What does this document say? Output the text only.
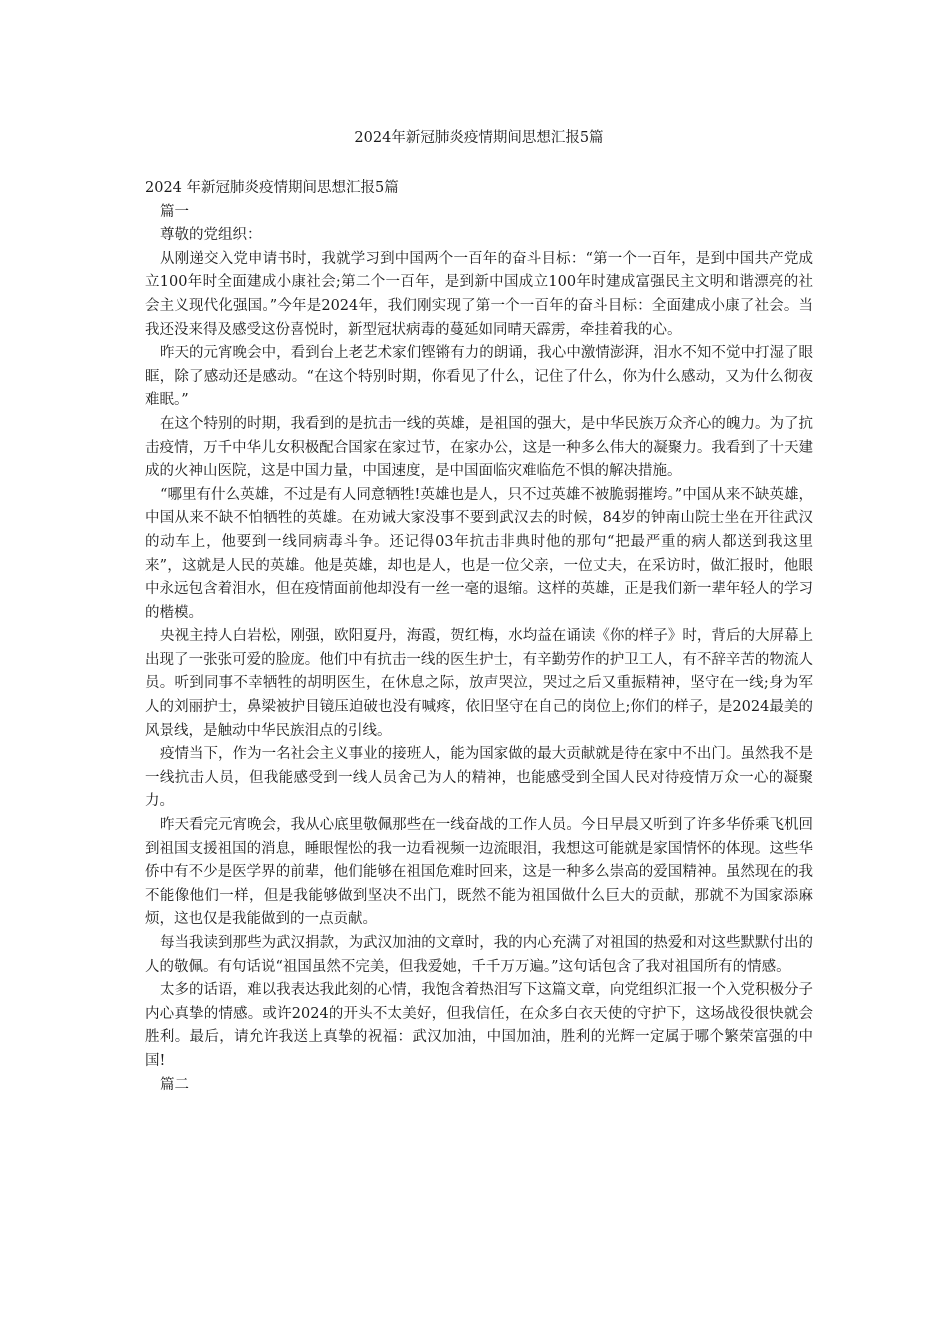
2024年新冠肺炎疫情期间思想汇报5篇

2024 年新冠肺炎疫情期间思想汇报5篇

篇一

尊敬的党组织：

从刚递交入党申请书时，我就学习到中国两个一百年的奋斗目标：“第一个一百年，是到中国共产党成立100年时全面建成小康社会;第二个一百年，是到新中国成立100年时建成富强民主文明和谐漂亮的社会主义现代化强国。”今年是2024年，我们刚实现了第一个一百年的奋斗目标：全面建成小康了社会。当我还没来得及感受这份喜悦时，新型冠状病毒的蔓延如同晴天霹雳，牵挂着我的心。

昨天的元宵晚会中，看到台上老艺术家们铿锵有力的朗诵，我心中激情澎湃，泪水不知不觉中打湿了眼眶，除了感动还是感动。“在这个特别时期，你看见了什么，记住了什么，你为什么感动，又为什么彻夜难眠。”

在这个特别的时期，我看到的是抗击一线的英雄，是祖国的强大，是中华民族万众齐心的魄力。为了抗击疫情，万千中华儿女积极配合国家在家过节，在家办公，这是一种多么伟大的凝聚力。我看到了十天建成的火神山医院，这是中国力量，中国速度，是中国面临灾难临危不惧的解决措施。

“哪里有什么英雄，不过是有人同意牺牲!英雄也是人，只不过英雄不被脆弱摧垮。”中国从来不缺英雄，中国从来不缺不怕牺牲的英雄。在劝诫大家没事不要到武汉去的时候，84岁的钟南山院士坐在开往武汉的动车上，他要到一线同病毒斗争。还记得03年抗击非典时他的那句“把最严重的病人都送到我这里来”，这就是人民的英雄。他是英雄，却也是人，也是一位父亲，一位丈夫，在采访时，做汇报时，他眼中永远包含着泪水，但在疫情面前他却没有一丝一毫的退缩。这样的英雄，正是我们新一辈年轻人的学习的楷模。

央视主持人白岩松，刚强，欧阳夏丹，海霞，贺红梅，水均益在诵读《你的样子》时，背后的大屏幕上出现了一张张可爱的脸庞。他们中有抗击一线的医生护士，有辛勤劳作的护卫工人，有不辞辛苦的物流人员。听到同事不幸牺牲的胡明医生，在休息之际，放声哭泣，哭过之后又重振精神，坚守在一线;身为军人的刘丽护士，鼻梁被护目镜压迫破也没有喊疼，依旧坚守在自己的岗位上;你们的样子，是2024最美的风景线，是触动中华民族泪点的引线。

疫情当下，作为一名社会主义事业的接班人，能为国家做的最大贡献就是待在家中不出门。虽然我不是一线抗击人员，但我能感受到一线人员舍己为人的精神，也能感受到全国人民对待疫情万众一心的凝聚力。

昨天看完元宵晚会，我从心底里敬佩那些在一线奋战的工作人员。今日早晨又听到了许多华侨乘飞机回到祖国支援祖国的消息，睡眼惺忪的我一边看视频一边流眼泪，我想这可能就是家国情怀的体现。这些华侨中有不少是医学界的前辈，他们能够在祖国危难时回来，这是一种多么崇高的爱国精神。虽然现在的我不能像他们一样，但是我能够做到坚决不出门，既然不能为祖国做什么巨大的贡献，那就不为国家添麻烦，这也仅是我能做到的一点贡献。

每当我读到那些为武汉捐款，为武汉加油的文章时，我的内心充满了对祖国的热爱和对这些默默付出的人的敬佩。有句话说“祖国虽然不完美，但我爱她，千千万万遍。”这句话包含了我对祖国所有的情感。

太多的话语，难以我表达我此刻的心情，我饱含着热泪写下这篇文章，向党组织汇报一个入党积极分子内心真挚的情感。或许2024的开头不太美好，但我信任，在众多白衣天使的守护下，这场战役很快就会胜利。最后，请允许我送上真挚的祝福：武汉加油，中国加油，胜利的光辉一定属于哪个繁荣富强的中国!

篇二
